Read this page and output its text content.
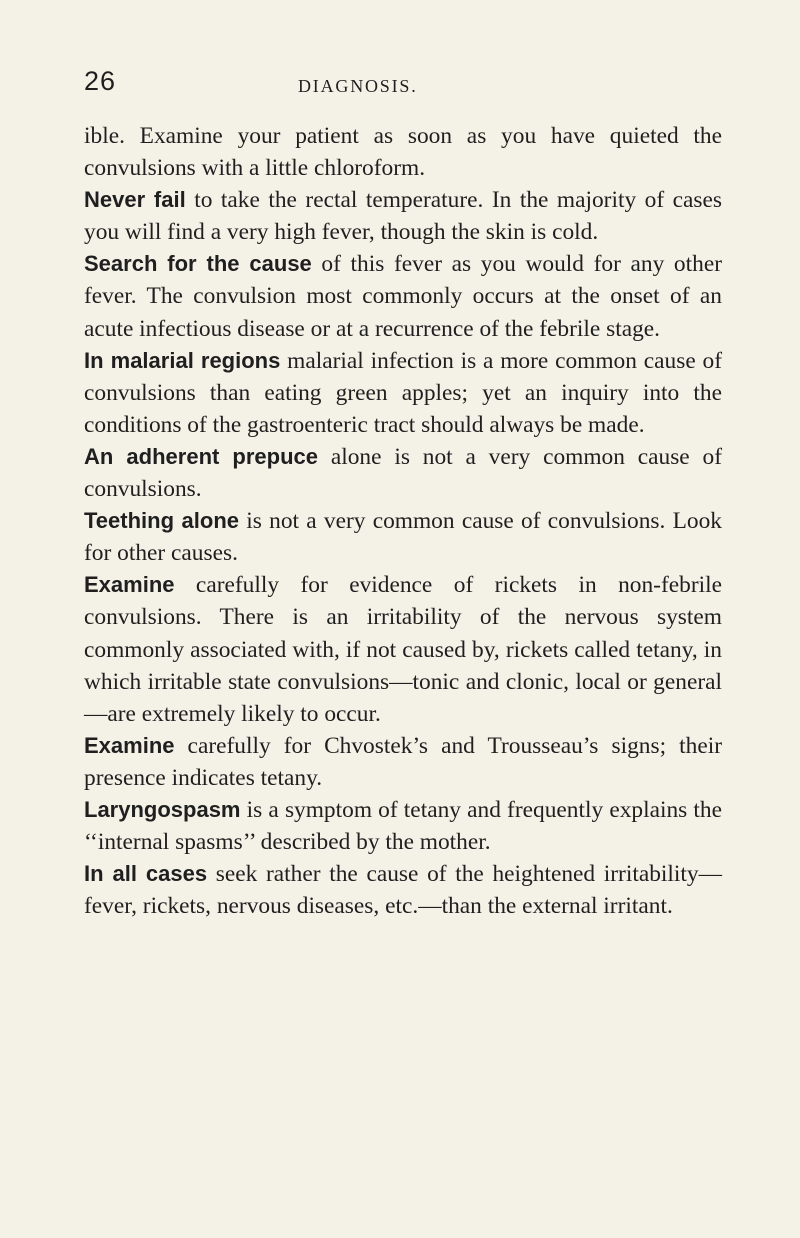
26	DIAGNOSIS.

ible. Examine your patient as soon as you have quieted the convulsions with a little chloroform.

Never fail to take the rectal temperature. In the majority of cases you will find a very high fever, though the skin is cold.

Search for the cause of this fever as you would for any other fever. The convulsion most commonly occurs at the onset of an acute infectious disease or at a recurrence of the febrile stage.

In malarial regions malarial infection is a more common cause of convulsions than eating green apples; yet an inquiry into the conditions of the gastroenteric tract should always be made.

An adherent prepuce alone is not a very common cause of convulsions.

Teething alone is not a very common cause of convulsions. Look for other causes.

Examine carefully for evidence of rickets in non-febrile convulsions. There is an irritability of the nervous system commonly associated with, if not caused by, rickets called tetany, in which irritable state convulsions—tonic and clonic, local or general —are extremely likely to occur.

Examine carefully for Chvostek’s and Trousseau’s signs; their presence indicates tetany.

Laryngospasm is a symptom of tetany and frequently explains the ‘‘internal spasms’’ described by the mother.

In all cases seek rather the cause of the heightened irritability—fever, rickets, nervous diseases, etc.—than the external irritant.
